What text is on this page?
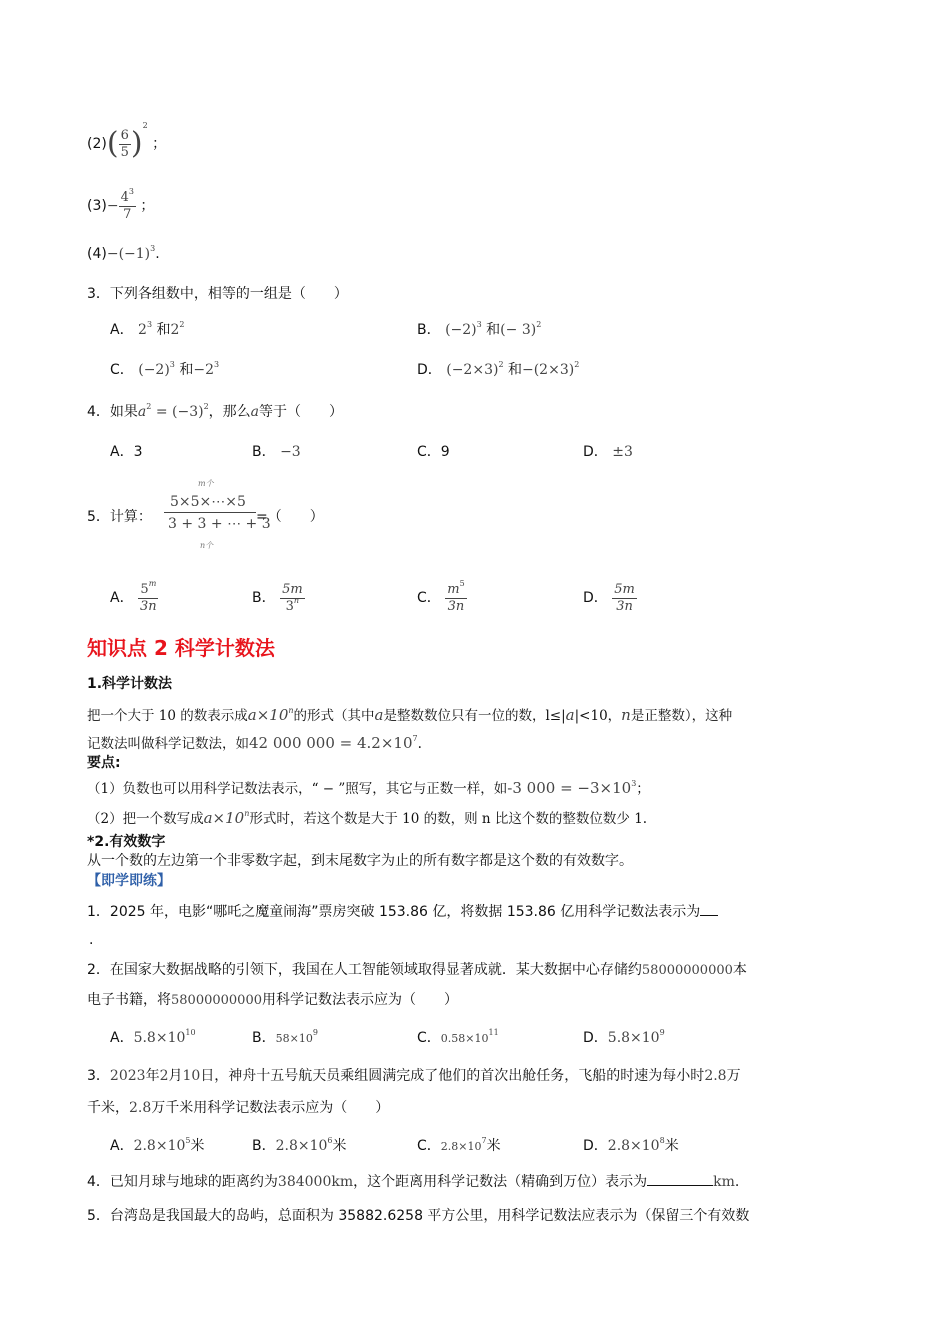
$(2)( \frac{6}{5} )^2$ ；
$(3)- \frac{4^3}{7}$ ；
$(4)-(-1)^3$.
3．下列各组数中，相等的一组是（　　）
A． $2^3$ 和$2^2$	B． $(-2)^3$ 和(− 3)$^2$
C． $(-2)^3$ 和$-2^3$	D． $(-2\times 3)^2$ 和$-(2\times 3)^2$
4．如果$a^2 = (-3)^2$，那么a等于（　　）
A．3	B． −3	C．9	D． ±3
5．计算：
m个
5×5×⋯×5
3 + 3 + ⋯ + 3
n个
=（　　）
A． $\frac{5^m}{3n}$	B． $\frac{5m}{3^n}$	C． $\frac{m^5}{3n}$	D． $\frac{5m}{3n}$
知识点 2 科学计数法
1.科学计数法
把一个大于 10 的数表示成$a\times 10^n$的形式（其中a是整数数位只有一位的数，l≤|a|<10，n是正整数），这种
记数法叫做科学记数法，如42 000 $000 = 4.2\times 10^7$.
要点:
（1）负数也可以用科学记数法表示，“ − ”照写，其它与正数一样，如-3 $000 = -3\times 10^3$；
（2）把一个数写成$a\times 10^n$形式时，若这个数是大于 10 的数，则 n 比这个数的整数位数少 1.
*2.有效数字
从一个数的左边第一个非零数字起，到末尾数字为止的所有数字都是这个数的有效数字。
【即学即练】
1．2025 年，电影“哪吒之魔童闹海”票房突破 153.86 亿，将数据 153.86 亿用科学记数法表示为
.
2．在国家大数据战略的引领下，我国在人工智能领域取得显著成就．某大数据中心存储约58000000000本
电子书籍，将58000000000用科学记数法表示应为（　　）
A．$5.8\times 10^{10}$	B．$58\times 10^9$	C．$0.58\times 10^{11}$	D．$5.8\times 10^9$
3．2023年2月10日，神舟十五号航天员乘组圆满完成了他们的首次出舱任务，飞船的时速为每小时2.8万
千米，2.8万千米用科学记数法表示应为（　　）
A．$2.8\times 10^5$米	B．$2.8\times 10^6$米	C．$2.8\times 10^7$米	D．$2.8\times 10^8$米
4．已知月球与地球的距离约为384000km，这个距离用科学记数法（精确到万位）表示为	km.
5．台湾岛是我国最大的岛屿，总面积为 35882.6258 平方公里，用科学记数法应表示为（保留三个有效数
